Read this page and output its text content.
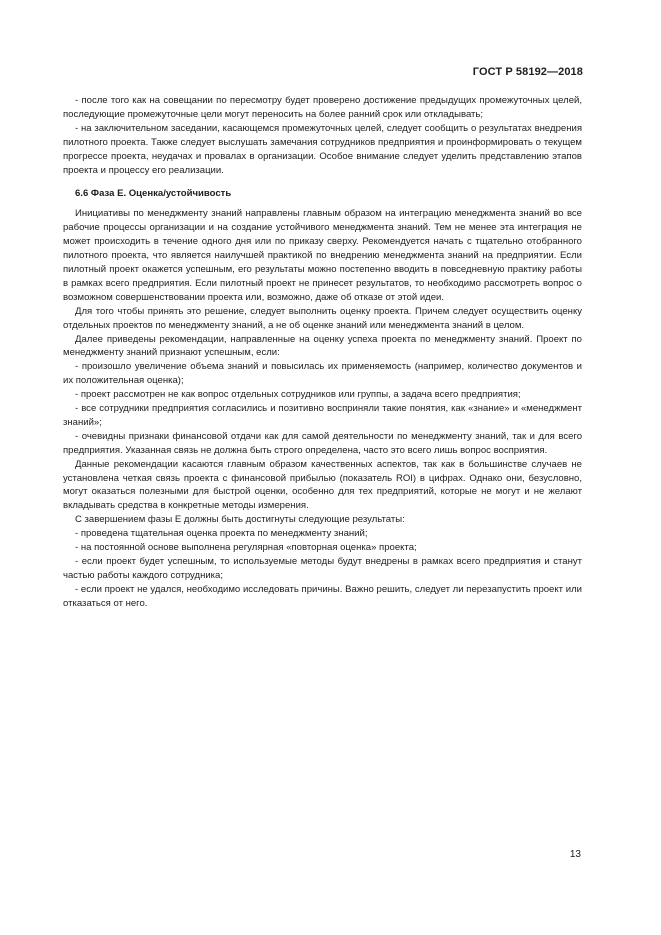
ГОСТ Р 58192—2018

- после того как на совещании по пересмотру будет проверено достижение предыдущих промежуточных целей, последующие промежуточные цели могут переносить на более ранний срок или откладывать;

- на заключительном заседании, касающемся промежуточных целей, следует сообщить о результатах внедрения пилотного проекта. Также следует выслушать замечания сотрудников предприятия и проинформировать о текущем прогрессе проекта, неудачах и провалах в организации. Особое внимание следует уделить представлению этапов проекта и процессу его реализации.

6.6 Фаза E. Оценка/устойчивость

Инициативы по менеджменту знаний направлены главным образом на интеграцию менеджмента знаний во все рабочие процессы организации и на создание устойчивого менеджмента знаний. Тем не менее эта интеграция не может происходить в течение одного дня или по приказу сверху. Рекомендуется начать с тщательно отобранного пилотного проекта, что является наилучшей практикой по внедрению менеджмента знаний на предприятии. Если пилотный проект окажется успешным, его результаты можно постепенно вводить в повседневную практику работы в рамках всего предприятия. Если пилотный проект не принесет результатов, то необходимо рассмотреть вопрос о возможном совершенствовании проекта или, возможно, даже об отказе от этой идеи.

Для того чтобы принять это решение, следует выполнить оценку проекта. Причем следует осуществить оценку отдельных проектов по менеджменту знаний, а не об оценке знаний или менеджмента знаний в целом.

Далее приведены рекомендации, направленные на оценку успеха проекта по менеджменту знаний. Проект по менеджменту знаний признают успешным, если:

- произошло увеличение объема знаний и повысилась их применяемость (например, количество документов и их положительная оценка);

- проект рассмотрен не как вопрос отдельных сотрудников или группы, а задача всего предприятия;

- все сотрудники предприятия согласились и позитивно восприняли такие понятия, как «знание» и «менеджмент знаний»;

- очевидны признаки финансовой отдачи как для самой деятельности по менеджменту знаний, так и для всего предприятия. Указанная связь не должна быть строго определена, часто это всего лишь вопрос восприятия.

Данные рекомендации касаются главным образом качественных аспектов, так как в большинстве случаев не установлена четкая связь проекта с финансовой прибылью (показатель ROI) в цифрах. Однако они, безусловно, могут оказаться полезными для быстрой оценки, особенно для тех предприятий, которые не могут и не желают вкладывать средства в конкретные методы измерения.

С завершением фазы E должны быть достигнуты следующие результаты:

- проведена тщательная оценка проекта по менеджменту знаний;

- на постоянной основе выполнена регулярная «повторная оценка» проекта;

- если проект будет успешным, то используемые методы будут внедрены в рамках всего предприятия и станут частью работы каждого сотрудника;

- если проект не удался, необходимо исследовать причины. Важно решить, следует ли перезапустить проект или отказаться от него.

13
